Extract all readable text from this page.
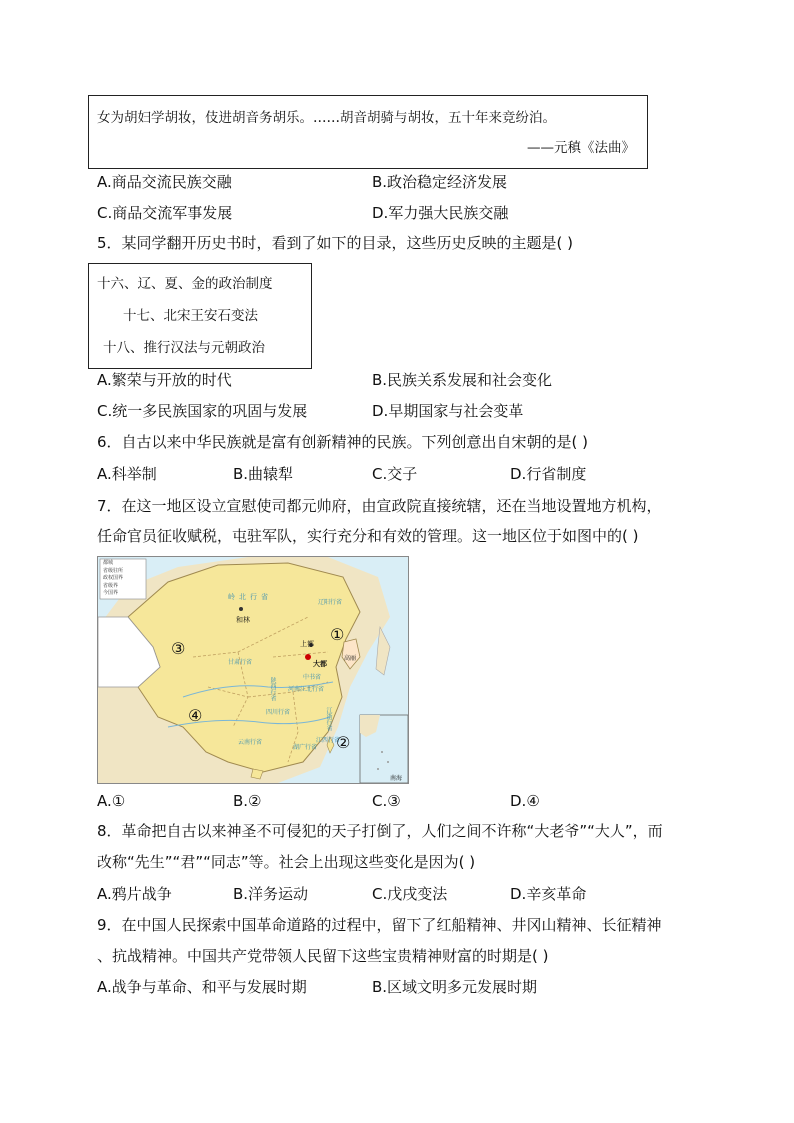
女为胡妇学胡妆，伎进胡音务胡乐。……胡音胡骑与胡妆，五十年来竞纷泊。
——元稹《法曲》
A.商品交流民族交融	B.政治稳定经济发展
C.商品交流军事发展	D.军力强大民族交融
5．某同学翻开历史书时，看到了如下的目录，这些历史反映的主题是( )
十六、辽、夏、金的政治制度
十七、北宋王安石变法
十八、推行汉法与元朝政治
A.繁荣与开放的时代	B.民族关系发展和社会变化
C.统一多民族国家的巩固与发展	D.早期国家与社会变革
6．自古以来中华民族就是富有创新精神的民族。下列创意出自宋朝的是( )
A.科举制	B.曲辕犁	C.交子	D.行省制度
7．在这一地区设立宣慰使司都元帅府，由宣政院直接统辖，还在当地设置地方机构，
任命官员征收赋税，屯驻军队，实行充分和有效的管理。这一地区位于如图中的( )
都城
省级驻所
政权国界
省级界
今国界
和林
上都
大都
岭北行省
辽阳行省
甘肃行省
陕西行省 河南江北行省
江浙行省
四川行省
湖广行省
云南行省	江西行省
中书省
高丽
南海
①
②
③
④
A.①	B.②	C.③	D.④
8．革命把自古以来神圣不可侵犯的天子打倒了，人们之间不许称“大老爷”“大人”，而
改称“先生”“君”“同志”等。社会上出现这些变化是因为( )
A.鸦片战争	B.洋务运动	C.戊戌变法	D.辛亥革命
9．在中国人民探索中国革命道路的过程中，留下了红船精神、井冈山精神、长征精神
、抗战精神。中国共产党带领人民留下这些宝贵精神财富的时期是( )
A.战争与革命、和平与发展时期	B.区域文明多元发展时期
